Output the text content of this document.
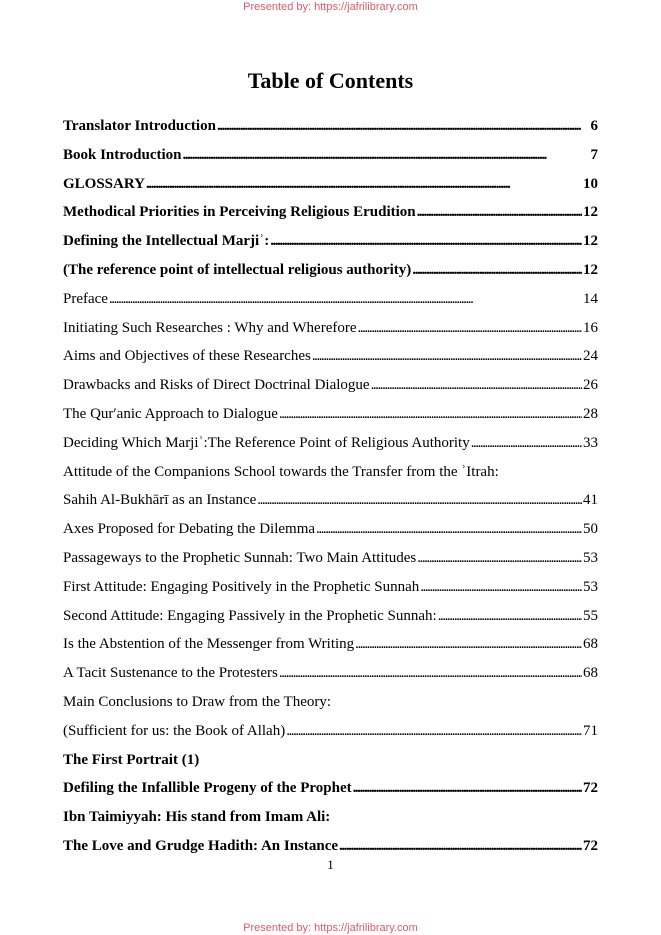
Presented by: https://jafrilibrary.com
Table of Contents
Translator Introduction . . .	6
Book Introduction . . .	7
GLOSSARY . . .	10
Methodical Priorities in Perceiving Religious Erudition . . .	12
Defining the Intellectual Marjiʾ: . . .	12
(The reference point of intellectual religious authority) . . .	12
Preface . . .	14
Initiating Such Researches : Why and Wherefore . . .	16
Aims and Objectives of these Researches . . .	24
Drawbacks and Risks of Direct Doctrinal Dialogue . . .	26
The Qurʹanic Approach to Dialogue . . .	28
Deciding Which Marjiʾ:The Reference Point of Religious Authority . . .	33
Attitude of the Companions School towards the Transfer from the ʾItrah:
Sahih Al-Bukhārī as an Instance . . .	41
Axes Proposed for Debating the Dilemma . . .	50
Passageways to the Prophetic Sunnah: Two Main Attitudes . . .	53
First Attitude: Engaging Positively in the Prophetic Sunnah . . .	53
Second Attitude: Engaging Passively in the Prophetic Sunnah: . . .	55
Is the Abstention of the Messenger from Writing . . .	68
A Tacit Sustenance to the Protesters . . .	68
Main Conclusions to Draw from the Theory:
(Sufficient for us: the Book of Allah) . . .	71
The First Portrait (1)
Defiling the Infallible Progeny of the Prophet . . .	72
Ibn Taimiyyah: His stand from Imam Ali:
The Love and Grudge Hadith: An Instance . . .	72
1
Presented by: https://jafrilibrary.com
